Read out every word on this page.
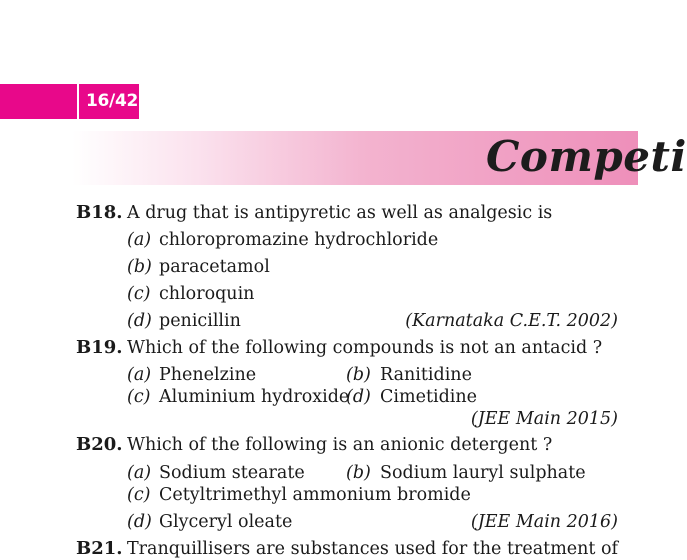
16/42
Competi
B18. A drug that is antipyretic as well as analgesic is
(a) chloropromazine hydrochloride
(b) paracetamol
(c) chloroquin
(d) penicillin	(Karnataka C.E.T. 2002)
B19. Which of the following compounds is not an antacid ?
(a) Phenelzine	(b) Ranitidine
(c) Aluminium hydroxide
(d) Cimetidine
(JEE Main 2015)
B20. Which of the following is an anionic detergent ?
(a) Sodium stearate (b) Sodium lauryl sulphate
(c) Cetyltrimethyl ammonium bromide
(d) Glyceryl oleate	(JEE Main 2016)
B21. Tranquillisers are substances used for the treatment of
